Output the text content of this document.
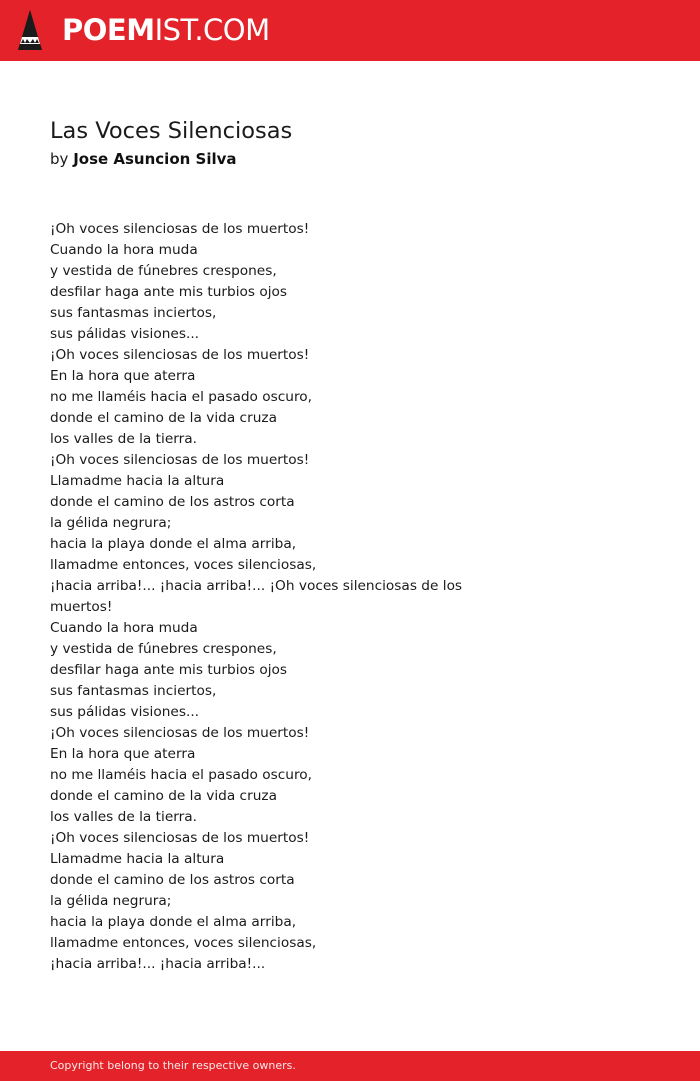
POEMIST.COM
Las Voces Silenciosas
by Jose Asuncion Silva
¡Oh voces silenciosas de los muertos!
Cuando la hora muda
y vestida de fúnebres crespones,
desfilar haga ante mis turbios ojos
sus fantasmas inciertos,
sus pálidas visiones...
¡Oh voces silenciosas de los muertos!
En la hora que aterra
no me llaméis hacia el pasado oscuro,
donde el camino de la vida cruza
los valles de la tierra.
¡Oh voces silenciosas de los muertos!
Llamadme hacia la altura
donde el camino de los astros corta
la gélida negrura;
hacia la playa donde el alma arriba,
llamadme entonces, voces silenciosas,
¡hacia arriba!... ¡hacia arriba!... ¡Oh voces silenciosas de los muertos!
Cuando la hora muda
y vestida de fúnebres crespones,
desfilar haga ante mis turbios ojos
sus fantasmas inciertos,
sus pálidas visiones...
¡Oh voces silenciosas de los muertos!
En la hora que aterra
no me llaméis hacia el pasado oscuro,
donde el camino de la vida cruza
los valles de la tierra.
¡Oh voces silenciosas de los muertos!
Llamadme hacia la altura
donde el camino de los astros corta
la gélida negrura;
hacia la playa donde el alma arriba,
llamadme entonces, voces silenciosas,
¡hacia arriba!... ¡hacia arriba!...
Copyright belong to their respective owners.
